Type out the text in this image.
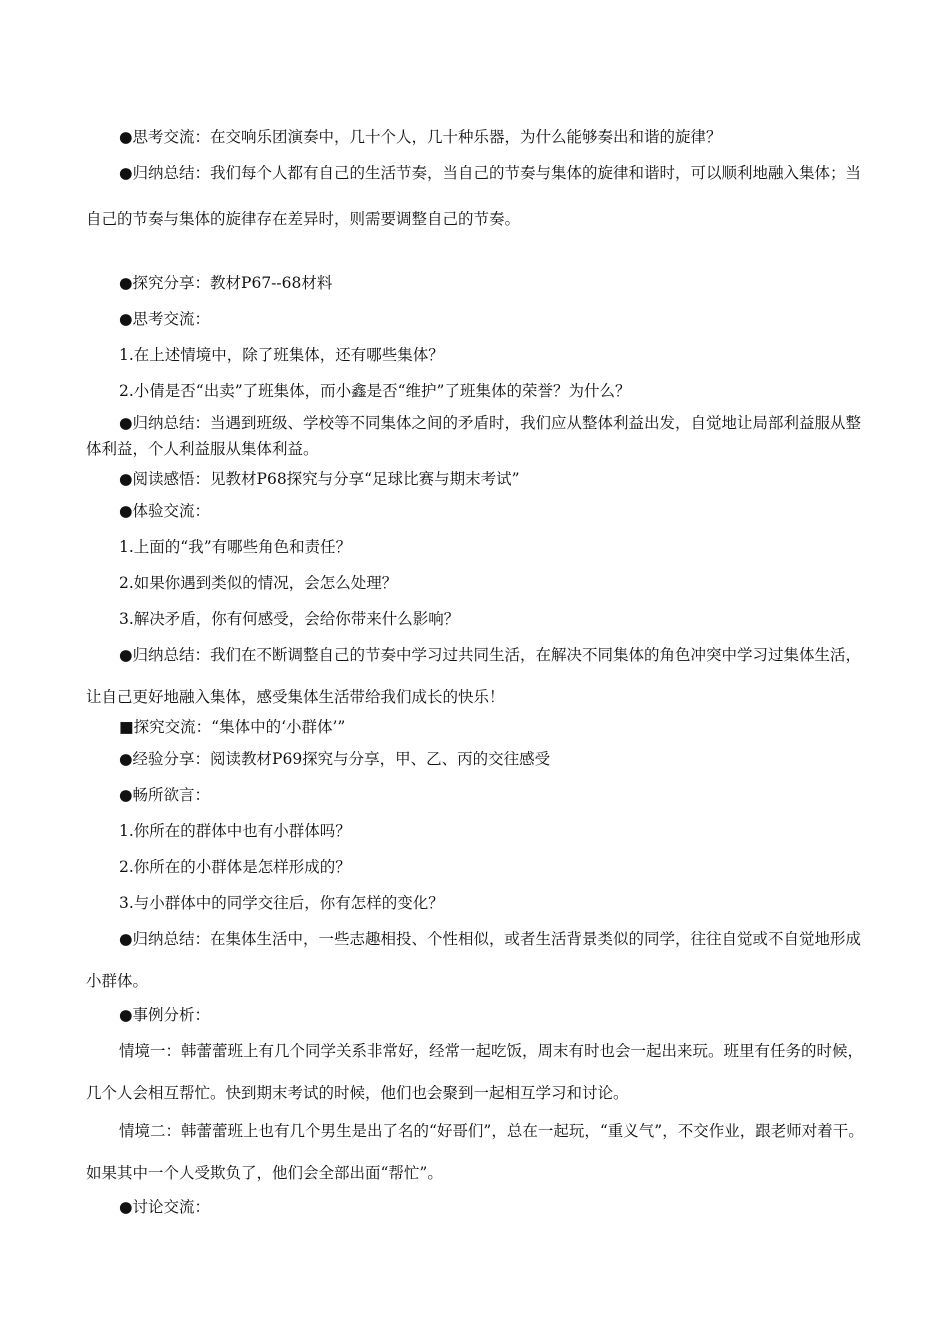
●思考交流：在交响乐团演奏中，几十个人，几十种乐器，为什么能够奏出和谐的旋律？
●归纳总结：我们每个人都有自己的生活节奏，当自己的节奏与集体的旋律和谐时，可以顺利地融入集体；当自己的节奏与集体的旋律存在差异时，则需要调整自己的节奏。
●探究分享：教材P67--68材料
●思考交流：
1.在上述情境中，除了班集体，还有哪些集体？
2.小倩是否“出卖”了班集体，而小鑫是否“维护”了班集体的荣誉？为什么？
●归纳总结：当遇到班级、学校等不同集体之间的矛盾时，我们应从整体利益出发，自觉地让局部利益服从整体利益，个人利益服从集体利益。
●阅读感悟：见教材P68探究与分享“足球比赛与期末考试”
●体验交流：
1.上面的“我”有哪些角色和责任？
2.如果你遇到类似的情况，会怎么处理？
3.解决矛盾，你有何感受，会给你带来什么影响？
●归纳总结：我们在不断调整自己的节奏中学习过共同生活，在解决不同集体的角色冲突中学习过集体生活，让自己更好地融入集体，感受集体生活带给我们成长的快乐！
■探究交流：“集体中的‘小群体’”
●经验分享：阅读教材P69探究与分享，甲、乙、丙的交往感受
●畅所欲言：
1.你所在的群体中也有小群体吗？
2.你所在的小群体是怎样形成的？
3.与小群体中的同学交往后，你有怎样的变化？
●归纳总结：在集体生活中，一些志趣相投、个性相似，或者生活背景类似的同学，往往自觉或不自觉地形成小群体。
●事例分析：
情境一：韩蕾蕾班上有几个同学关系非常好，经常一起吃饭，周末有时也会一起出来玩。班里有任务的时候，几个人会相互帮忙。快到期末考试的时候，他们也会聚到一起相互学习和讨论。
情境二：韩蕾蕾班上也有几个男生是出了名的“好哥们”，总在一起玩，“重义气”，不交作业，跟老师对着干。如果其中一个人受欺负了，他们会全部出面“帮忙”。
●讨论交流：
